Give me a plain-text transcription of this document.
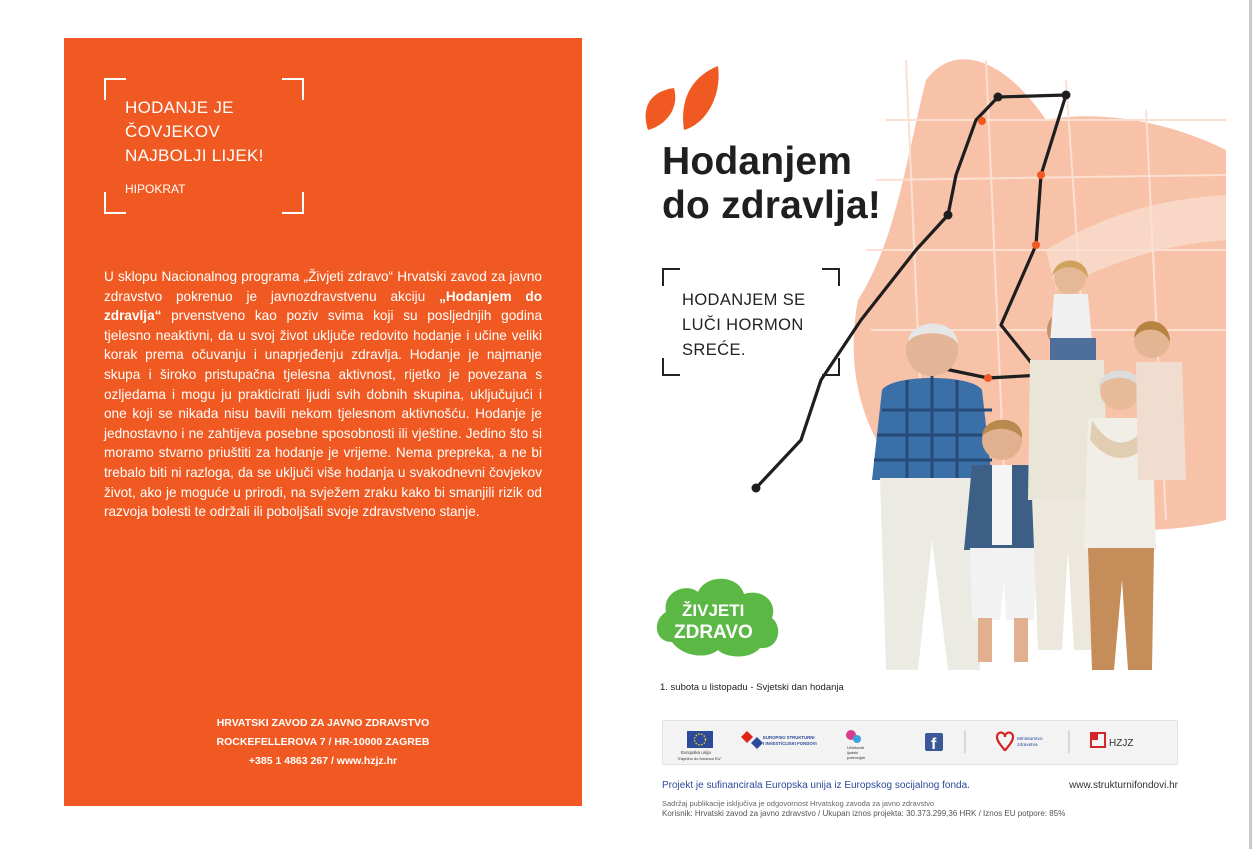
HODANJE JE ČOVJEKOV NAJBOLJI LIJEK!
HIPOKRAT

U sklopu Nacionalnog programa „Živjeti zdravo“ Hrvatski zavod za javno zdravstvo pokrenuo je javnozdravstvenu akciju „Hodanjem do zdravlja“ prvenstveno kao poziv svima koji su posljednjih godina tjelesno neaktivni, da u svoj život uključe redovito hodanje i učine veliki korak prema očuvanju i unaprjeđenju zdravlja. Hodanje je najmanje skupa i široko pristupačna tjelesna aktivnost, rijetko je povezana s ozljedama i mogu ju prakticirati ljudi svih dobnih skupina, uključujući i one koji se nikada nisu bavili nekom tjelesnom aktivnošću. Hodanje je jednostavno i ne zahtijeva posebne sposobnosti ili vještine. Jedino što si moramo stvarno priuštiti za hodanje je vrijeme. Nema prepreka, a ne bi trebalo biti ni razloga, da se uključi više hodanja u svakodnevni čovjekov život, ako je moguće u prirodi, na svježem zraku kako bi smanjili rizik od razvoja bolesti te održali ili poboljšali svoje zdravstveno stanje.

HRVATSKI ZAVOD ZA JAVNO ZDRAVSTVO
ROCKEFELLEROVA 7 / HR-10000 ZAGREB
+385 1 4863 267 / www.hzjz.hr
Hodanjem
do zdravlja!
HODANJEM SE LUČI HORMON SREĆE.
ŽIVJETI
ZDRAVO
1. subota u listopadu - Svjetski dan hodanja
Europska unija
"Zajedno do fondova EU"
EUROPSKI STRUKTURNI
I INVESTICIJSKI FONDOVI
Učinkoviti
ljudski
potencijali
f	Ministarstvo
zdravstva	HZJZ
Projekt je sufinancirala Europska unija iz Europskog socijalnog fonda.	www.strukturnifondovi.hr
Sadržaj publikacije isključiva je odgovornost Hrvatskog zavoda za javno zdravstvo
Korisnik: Hrvatski zavod za javno zdravstvo / Ukupan iznos projekta: 30.373.299,36 HRK / Iznos EU potpore: 85%
